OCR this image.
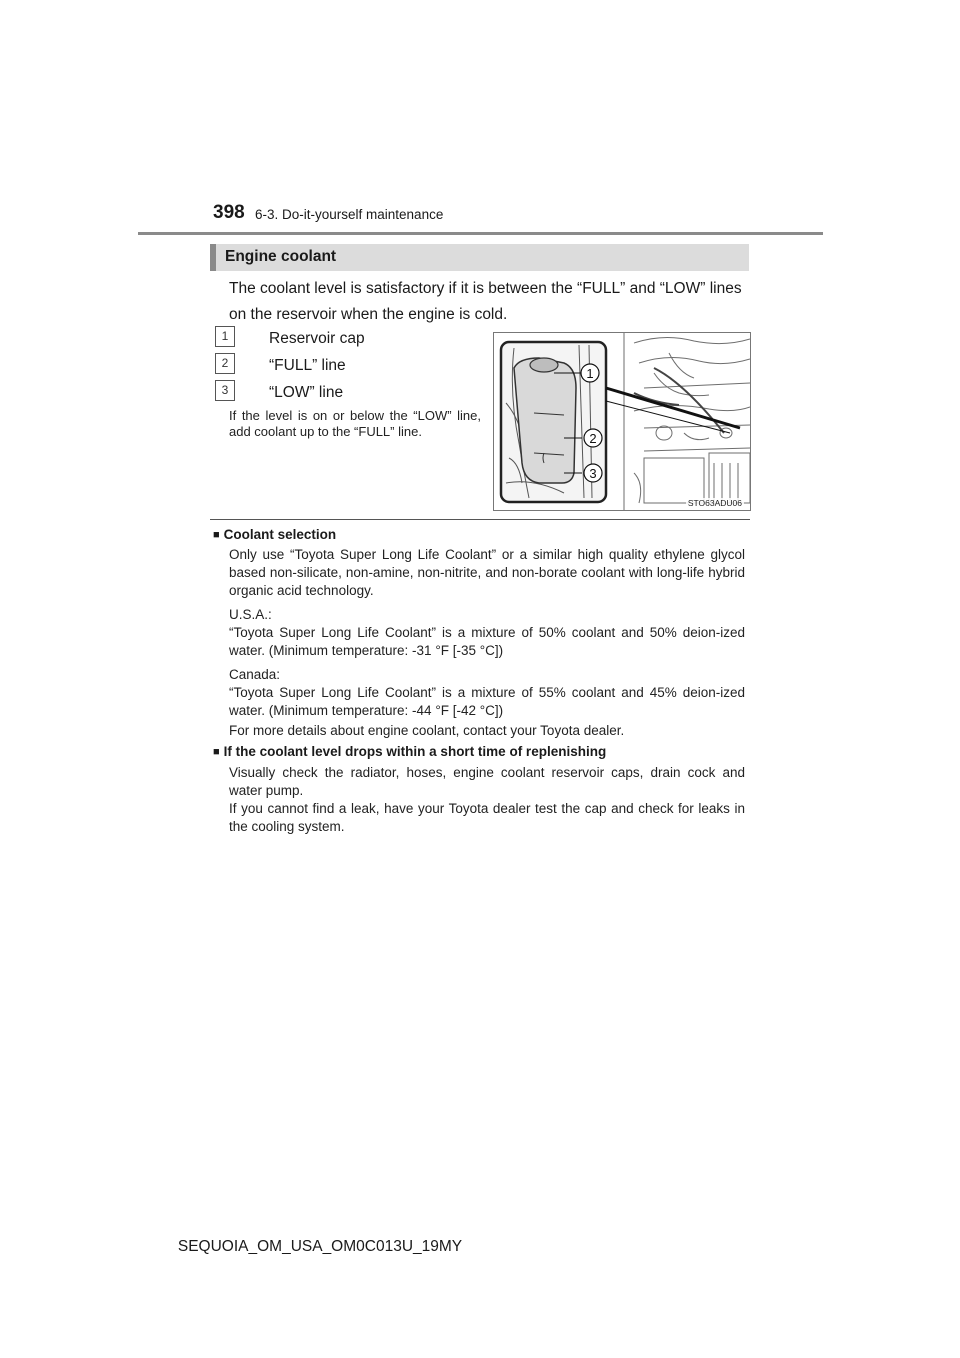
398 6-3. Do-it-yourself maintenance
Engine coolant
The coolant level is satisfactory if it is between the “FULL” and “LOW” lines on the reservoir when the engine is cold.
1	Reservoir cap
2	“FULL” line
3	“LOW” line
If the level is on or below the “LOW” line, add coolant up to the “FULL” line.
1
2
3
STO63ADU06
■ Coolant selection
Only use “Toyota Super Long Life Coolant” or a similar high quality ethylene glycol based non-silicate, non-amine, non-nitrite, and non-borate coolant with long-life hybrid organic acid technology.
U.S.A.:
“Toyota Super Long Life Coolant” is a mixture of 50% coolant and 50% deion-ized water. (Minimum temperature: -31 °F [-35 °C])
Canada:
“Toyota Super Long Life Coolant” is a mixture of 55% coolant and 45% deion-ized water. (Minimum temperature: -44 °F [-42 °C])
For more details about engine coolant, contact your Toyota dealer.
■ If the coolant level drops within a short time of replenishing
Visually check the radiator, hoses, engine coolant reservoir caps, drain cock and water pump.
If you cannot find a leak, have your Toyota dealer test the cap and check for leaks in the cooling system.
SEQUOIA_OM_USA_OM0C013U_19MY
